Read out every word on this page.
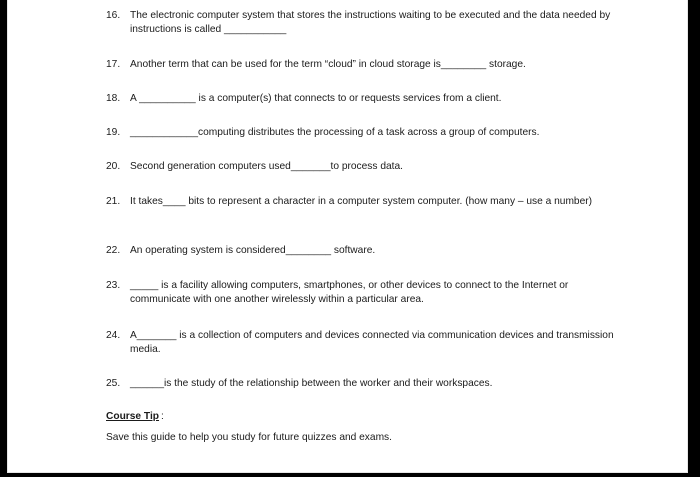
16. The electronic computer system that stores the instructions waiting to be executed and the data needed by instructions is called ___________
17. Another term that can be used for the term “cloud” in cloud storage is________ storage.
18. A __________ is a computer(s) that connects to or requests services from a client.
19. ____________computing distributes the processing of a task across a group of computers.
20. Second generation computers used_______to process data.
21. It takes____ bits to represent a character in a computer system computer. (how many – use a number)
22. An operating system is considered________ software.
23. _____ is a facility allowing computers, smartphones, or other devices to connect to the Internet or communicate with one another wirelessly within a particular area.
24. A_______ is a collection of computers and devices connected via communication devices and transmission media.
25. ______is the study of the relationship between the worker and their workspaces.
Course Tip :
Save this guide to help you study for future quizzes and exams.
